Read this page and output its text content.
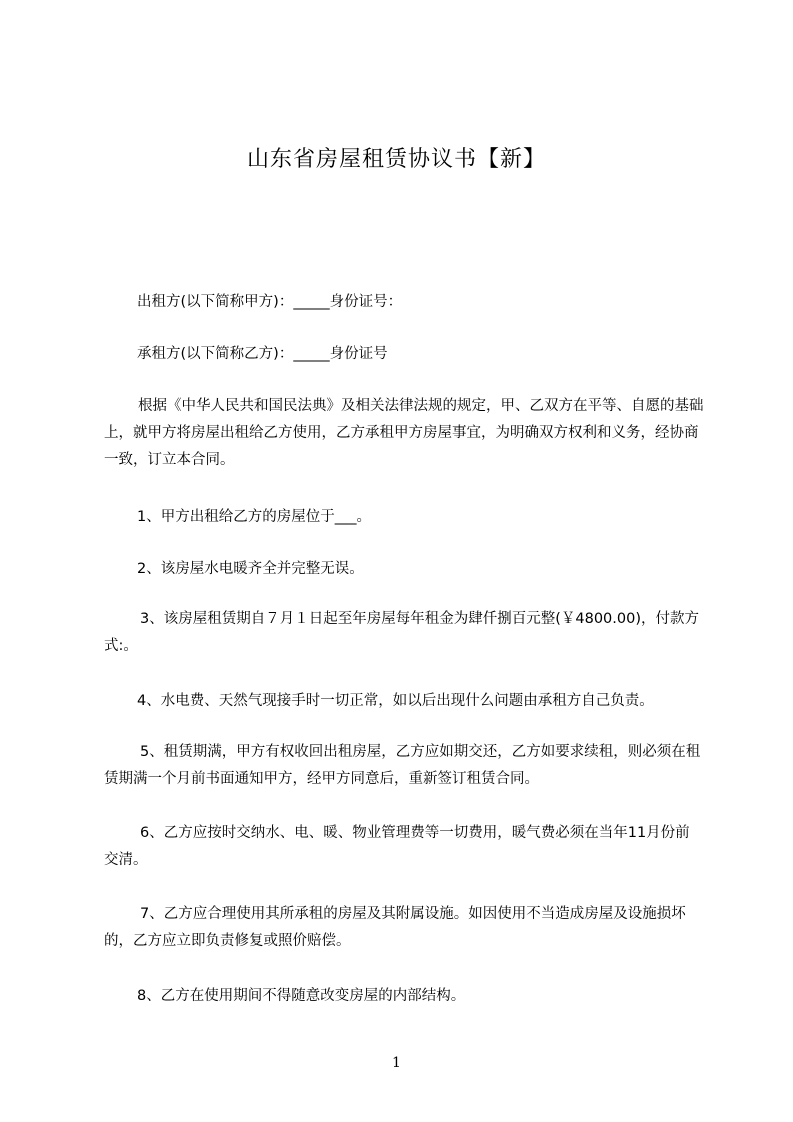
山东省房屋租赁协议书【新】
出租方(以下简称甲方)：_____身份证号：
承租方(以下简称乙方)：_____身份证号
根据《中华人民共和国民法典》及相关法律法规的规定，甲、乙双方在平等、自愿的基础上，就甲方将房屋出租给乙方使用，乙方承租甲方房屋事宜，为明确双方权利和义务，经协商一致，订立本合同。
1、甲方出租给乙方的房屋位于___。
2、该房屋水电暖齐全并完整无误。
3、该房屋租赁期自７月１日起至年房屋每年租金为肆仟捌百元整(￥4800.00)，付款方式:。
4、水电费、天然气现接手时一切正常，如以后出现什么问题由承租方自己负责。
5、租赁期满，甲方有权收回出租房屋，乙方应如期交还，乙方如要求续租，则必须在租赁期满一个月前书面通知甲方，经甲方同意后，重新签订租赁合同。
6、乙方应按时交纳水、电、暖、物业管理费等一切费用，暖气费必须在当年11月份前交清。
7、乙方应合理使用其所承租的房屋及其附属设施。如因使用不当造成房屋及设施损坏的，乙方应立即负责修复或照价赔偿。
8、乙方在使用期间不得随意改变房屋的内部结构。
1
